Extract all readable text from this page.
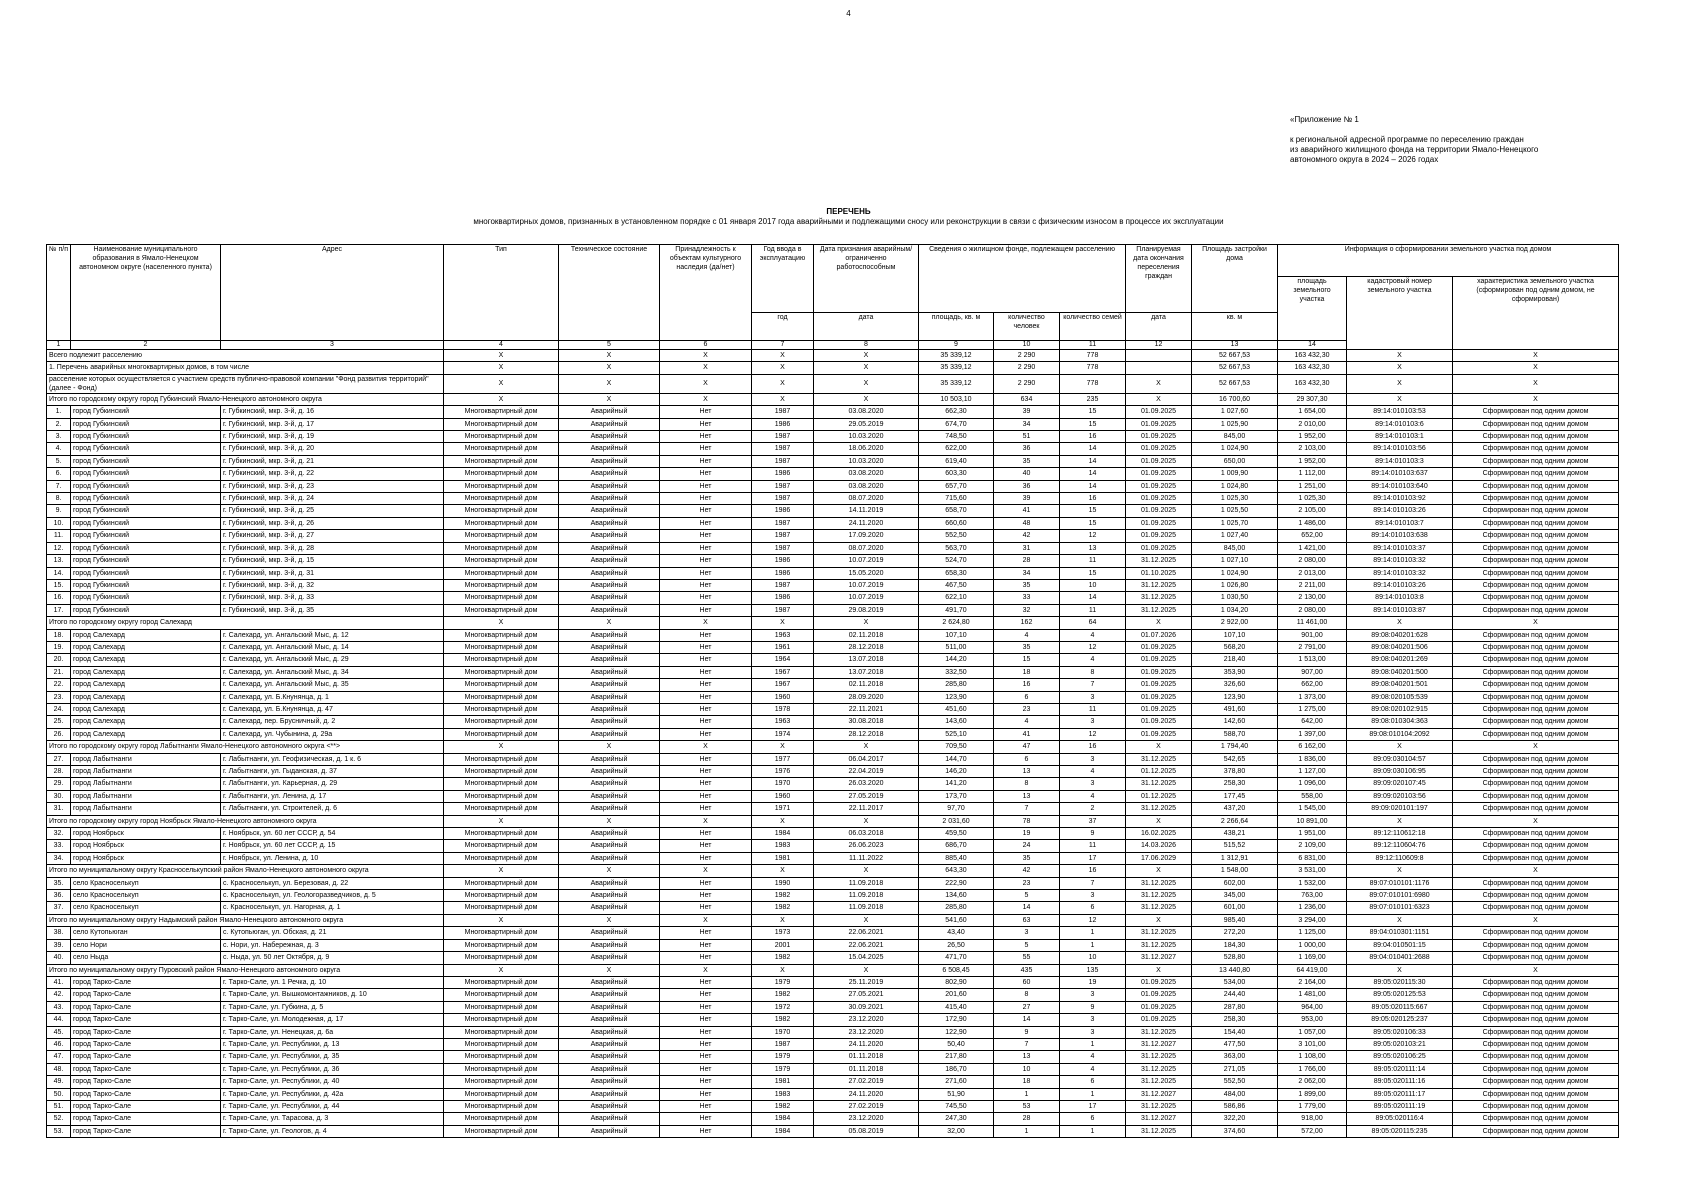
4
«Приложение № 1
к региональной адресной программе по переселению граждан
из аварийного жилищного фонда на территории Ямало-Ненецкого
автономного округа в 2024 – 2026 годах
ПЕРЕЧЕНЬ
многоквартирных домов, признанных в установленном порядке с 01 января 2017 года аварийными и подлежащими сносу или реконструкции в связи с физическим износом в процессе их эксплуатации
№ п/п	Наименование муниципального образования в Ямало-Ненецком автономном округе (населенного пункта)	Адрес	Тип	Техническое состояние	Принадлежность к объектам культурного наследия (да/нет)	Год ввода в эксплуатацию	Дата признания аварийным/ограниченно работоспособным	Сведения о жилищном фонде, подлежащем расселению			Планируемая дата окончания переселения граждан	Площадь застройки дома	Информация о сформировании земельного участка под домом			
													площадь земельного участка	кадастровый номер земельного участка	характеристика земельного участка (сформирован под одним домом, не сформирован)	
						год	дата	площадь, кв. м	количество человек	количество семей	дата	кв. м				
1	2	3	4	5	6	7	8	9	10	11	12	13	14		
Всего подлежит расселению			X	X	X	X	X	35 339,12	2 290	778		52 667,53	163 432,30	X	X	
1. Перечень аварийных многоквартирных домов, в том числе			X	X	X	X	X	35 339,12	2 290	778		52 667,53	163 432,30	X	X	
расселение которых осуществляется с участием средств публично-правовой компании "Фонд развития территорий" (далее - Фонд)			X	X	X	X	X	35 339,12	2 290	778	X	52 667,53	163 432,30	X	X	
Итого по городскому округу город Губкинский Ямало-Ненецкого автономного округа			X	X	X	X	X	10 503,10	634	235	X	16 700,60	29 307,30	X	X	
1.	город Губкинский	г. Губкинский, мкр. 3-й, д. 16	Многоквартирный дом	Аварийный	Нет	1987	03.08.2020	662,30	39	15	01.09.2025	1 027,60	1 654,00	89:14:010103:53	Сформирован под одним домом	
2.	город Губкинский	г. Губкинский, мкр. 3-й, д. 17	Многоквартирный дом	Аварийный	Нет	1986	29.05.2019	674,70	34	15	01.09.2025	1 025,90	2 010,00	89:14:010103:6	Сформирован под одним домом	
3.	город Губкинский	г. Губкинский, мкр. 3-й, д. 19	Многоквартирный дом	Аварийный	Нет	1987	10.03.2020	748,50	51	16	01.09.2025	845,00	1 952,00	89:14:010103:1	Сформирован под одним домом	
4.	город Губкинский	г. Губкинский, мкр. 3-й, д. 20	Многоквартирный дом	Аварийный	Нет	1987	18.06.2020	622,00	36	14	01.09.2025	1 024,90	2 103,00	89:14:010103:56	Сформирован под одним домом	
5.	город Губкинский	г. Губкинский, мкр. 3-й, д. 21	Многоквартирный дом	Аварийный	Нет	1987	10.03.2020	619,40	35	14	01.09.2025	650,00	1 952,00	89:14:010103:3	Сформирован под одним домом	
6.	город Губкинский	г. Губкинский, мкр. 3-й, д. 22	Многоквартирный дом	Аварийный	Нет	1986	03.08.2020	603,30	40	14	01.09.2025	1 009,90	1 112,00	89:14:010103:637	Сформирован под одним домом	
7.	город Губкинский	г. Губкинский, мкр. 3-й, д. 23	Многоквартирный дом	Аварийный	Нет	1987	03.08.2020	657,70	36	14	01.09.2025	1 024,80	1 251,00	89:14:010103:640	Сформирован под одним домом	
8.	город Губкинский	г. Губкинский, мкр. 3-й, д. 24	Многоквартирный дом	Аварийный	Нет	1987	08.07.2020	715,60	39	16	01.09.2025	1 025,30	1 025,30	89:14:010103:92	Сформирован под одним домом	
9.	город Губкинский	г. Губкинский, мкр. 3-й, д. 25	Многоквартирный дом	Аварийный	Нет	1986	14.11.2019	658,70	41	15	01.09.2025	1 025,50	2 105,00	89:14:010103:26	Сформирован под одним домом	
10.	город Губкинский	г. Губкинский, мкр. 3-й, д. 26	Многоквартирный дом	Аварийный	Нет	1987	24.11.2020	660,60	48	15	01.09.2025	1 025,70	1 486,00	89:14:010103:7	Сформирован под одним домом	
11.	город Губкинский	г. Губкинский, мкр. 3-й, д. 27	Многоквартирный дом	Аварийный	Нет	1987	17.09.2020	552,50	42	12	01.09.2025	1 027,40	652,00	89:14:010103:638	Сформирован под одним домом	
12.	город Губкинский	г. Губкинский, мкр. 3-й, д. 28	Многоквартирный дом	Аварийный	Нет	1987	08.07.2020	563,70	31	13	01.09.2025	845,00	1 421,00	89:14:010103:37	Сформирован под одним домом	
13.	город Губкинский	г. Губкинский, мкр. 3-й, д. 15	Многоквартирный дом	Аварийный	Нет	1986	10.07.2019	524,70	28	11	31.12.2025	1 027,10	2 080,00	89:14:010103:32	Сформирован под одним домом	
14.	город Губкинский	г. Губкинский, мкр. 3-й, д. 31	Многоквартирный дом	Аварийный	Нет	1986	15.05.2020	658,30	34	15	01.10.2025	1 024,90	2 013,00	89:14:010103:32	Сформирован под одним домом	
15.	город Губкинский	г. Губкинский, мкр. 3-й, д. 32	Многоквартирный дом	Аварийный	Нет	1987	10.07.2019	467,50	35	10	31.12.2025	1 026,80	2 211,00	89:14:010103:26	Сформирован под одним домом	
16.	город Губкинский	г. Губкинский, мкр. 3-й, д. 33	Многоквартирный дом	Аварийный	Нет	1986	10.07.2019	622,10	33	14	31.12.2025	1 030,50	2 130,00	89:14:010103:8	Сформирован под одним домом	
17.	город Губкинский	г. Губкинский, мкр. 3-й, д. 35	Многоквартирный дом	Аварийный	Нет	1987	29.08.2019	491,70	32	11	31.12.2025	1 034,20	2 080,00	89:14:010103:87	Сформирован под одним домом	
Итого по городскому округу город Салехард			X	X	X	X	X	2 624,80	162	64	X	2 922,00	11 461,00	X	X	
18.	город Салехард	г. Салехард, ул. Ангальский Мыс, д. 12	Многоквартирный дом	Аварийный	Нет	1963	02.11.2018	107,10	4	4	01.07.2026	107,10	901,00	89:08:040201:628	Сформирован под одним домом	
19.	город Салехард	г. Салехард, ул. Ангальский Мыс, д. 14	Многоквартирный дом	Аварийный	Нет	1961	28.12.2018	511,00	35	12	01.09.2025	568,20	2 791,00	89:08:040201:506	Сформирован под одним домом	
20.	город Салехард	г. Салехард, ул. Ангальский Мыс, д. 29	Многоквартирный дом	Аварийный	Нет	1964	13.07.2018	144,20	15	4	01.09.2025	218,40	1 513,00	89:08:040201:269	Сформирован под одним домом	
21.	город Салехард	г. Салехард, ул. Ангальский Мыс, д. 34	Многоквартирный дом	Аварийный	Нет	1967	13.07.2018	332,50	18	8	01.09.2025	353,90	907,00	89:08:040201:500	Сформирован под одним домом	
22.	город Салехард	г. Салехард, ул. Ангальский Мыс, д. 35	Многоквартирный дом	Аварийный	Нет	1967	02.11.2018	285,80	16	7	01.09.2025	326,60	662,00	89:08:040201:501	Сформирован под одним домом	
23.	город Салехард	г. Салехард, ул. Б.Кнунянца, д. 1	Многоквартирный дом	Аварийный	Нет	1960	28.09.2020	123,90	6	3	01.09.2025	123,90	1 373,00	89:08:020105:539	Сформирован под одним домом	
24.	город Салехард	г. Салехард, ул. Б.Кнунянца, д. 47	Многоквартирный дом	Аварийный	Нет	1978	22.11.2021	451,60	23	11	01.09.2025	491,60	1 275,00	89:08:020102:915	Сформирован под одним домом	
25.	город Салехард	г. Салехард, пер. Брусничный, д. 2	Многоквартирный дом	Аварийный	Нет	1963	30.08.2018	143,60	4	3	01.09.2025	142,60	642,00	89:08:010304:363	Сформирован под одним домом	
26.	город Салехард	г. Салехард, ул. Чубынина, д. 29а	Многоквартирный дом	Аварийный	Нет	1974	28.12.2018	525,10	41	12	01.09.2025	588,70	1 397,00	89:08:010104:2092	Сформирован под одним домом	
Итого по городскому округу город Лабытнанги Ямало-Ненецкого автономного округа <**>			X	X	X	X	X	709,50	47	16	X	1 794,40	6 162,00	X	X	
27.	город Лабытнанги	г. Лабытнанги, ул. Геофизическая, д. 1 к. 6	Многоквартирный дом	Аварийный	Нет	1977	06.04.2017	144,70	6	3	31.12.2025	542,65	1 836,00	89:09:030104:57	Сформирован под одним домом	
28.	город Лабытнанги	г. Лабытнанги, ул. Гыданская, д. 37	Многоквартирный дом	Аварийный	Нет	1976	22.04.2019	146,20	13	4	01.12.2025	378,80	1 127,00	89:09:030106:95	Сформирован под одним домом	
29.	город Лабытнанги	г. Лабытнанги, ул. Карьерная, д. 29	Многоквартирный дом	Аварийный	Нет	1970	26.03.2020	141,20	8	3	31.12.2025	258,30	1 096,00	89:09:020107:45	Сформирован под одним домом	
30.	город Лабытнанги	г. Лабытнанги, ул. Ленина, д. 17	Многоквартирный дом	Аварийный	Нет	1960	27.05.2019	173,70	13	4	01.12.2025	177,45	558,00	89:09:020103:56	Сформирован под одним домом	
31.	город Лабытнанги	г. Лабытнанги, ул. Строителей, д. 6	Многоквартирный дом	Аварийный	Нет	1971	22.11.2017	97,70	7	2	31.12.2025	437,20	1 545,00	89:09:020101:197	Сформирован под одним домом	
Итого по городскому округу город Ноябрьск Ямало-Ненецкого автономного округа			X	X	X	X	X	2 031,60	78	37	X	2 266,64	10 891,00	X	X	
32.	город Ноябрьск	г. Ноябрьск, ул. 60 лет СССР, д. 54	Многоквартирный дом	Аварийный	Нет	1984	06.03.2018	459,50	19	9	16.02.2025	438,21	1 951,00	89:12:110612:18	Сформирован под одним домом	
33.	город Ноябрьск	г. Ноябрьск, ул. 60 лет СССР, д. 15	Многоквартирный дом	Аварийный	Нет	1983	26.06.2023	686,70	24	11	14.03.2026	515,52	2 109,00	89:12:110604:76	Сформирован под одним домом	
34.	город Ноябрьск	г. Ноябрьск, ул. Ленина, д. 10	Многоквартирный дом	Аварийный	Нет	1981	11.11.2022	885,40	35	17	17.06.2029	1 312,91	6 831,00	89:12:110609:8	Сформирован под одним домом	
Итого по муниципальному округу Красноселькупский район Ямало-Ненецкого автономного округа			X	X	X	X	X	643,30	42	16	X	1 548,00	3 531,00	X	X	
35.	село Красноселькуп	с. Красноселькуп, ул. Березовая, д. 22	Многоквартирный дом	Аварийный	Нет	1990	11.09.2018	222,90	23	7	31.12.2025	602,00	1 532,00	89:07:010101:1176	Сформирован под одним домом	
36.	село Красноселькуп	с. Красноселькуп, ул. Геологоразведчиков, д. 5	Многоквартирный дом	Аварийный	Нет	1982	11.09.2018	134,60	5	3	31.12.2025	345,00	763,00	89:07:010101:6980	Сформирован под одним домом	
37.	село Красноселькуп	с. Красноселькуп, ул. Нагорная, д. 1	Многоквартирный дом	Аварийный	Нет	1982	11.09.2018	285,80	14	6	31.12.2025	601,00	1 236,00	89:07:010101:6323	Сформирован под одним домом	
Итого по муниципальному округу Надымский район Ямало-Ненецкого автономного округа			X	X	X	X	X	541,60	63	12	X	985,40	3 294,00	X	X	
38.	село Кутопьюган	с. Кутопьюган, ул. Обская, д. 21	Многоквартирный дом	Аварийный	Нет	1973	22.06.2021	43,40	3	1	31.12.2025	272,20	1 125,00	89:04:010301:1151	Сформирован под одним домом	
39.	село Нори	с. Нори, ул. Набережная, д. 3	Многоквартирный дом	Аварийный	Нет	2001	22.06.2021	26,50	5	1	31.12.2025	184,30	1 000,00	89:04:010501:15	Сформирован под одним домом	
40.	село Ныда	с. Ныда, ул. 50 лет Октября, д. 9	Многоквартирный дом	Аварийный	Нет	1982	15.04.2025	471,70	55	10	31.12.2027	528,80	1 169,00	89:04:010401:2688	Сформирован под одним домом	
Итого по муниципальному округу Пуровский район Ямало-Ненецкого автономного округа			X	X	X	X	X	6 508,45	435	135	X	13 440,80	64 419,00	X	X	
41.	город Тарко-Сале	г. Тарко-Сале, ул. 1 Речка, д. 10	Многоквартирный дом	Аварийный	Нет	1979	25.11.2019	802,90	60	19	01.09.2025	534,00	2 164,00	89:05:020115:30	Сформирован под одним домом	
42.	город Тарко-Сале	г. Тарко-Сале, ул. Вышкомонтажников, д. 10	Многоквартирный дом	Аварийный	Нет	1982	27.05.2021	201,60	8	3	01.09.2025	244,40	1 481,00	89:05:020125:53	Сформирован под одним домом	
43.	город Тарко-Сале	г. Тарко-Сале, ул. Губкина, д. 5	Многоквартирный дом	Аварийный	Нет	1972	30.09.2021	415,40	27	9	01.09.2025	287,80	964,00	89:05:020115:667	Сформирован под одним домом	
44.	город Тарко-Сале	г. Тарко-Сале, ул. Молодежная, д. 17	Многоквартирный дом	Аварийный	Нет	1982	23.12.2020	172,90	14	3	01.09.2025	258,30	953,00	89:05:020125:237	Сформирован под одним домом	
45.	город Тарко-Сале	г. Тарко-Сале, ул. Ненецкая, д. 6а	Многоквартирный дом	Аварийный	Нет	1970	23.12.2020	122,90	9	3	31.12.2025	154,40	1 057,00	89:05:020106:33	Сформирован под одним домом	
46.	город Тарко-Сале	г. Тарко-Сале, ул. Республики, д. 13	Многоквартирный дом	Аварийный	Нет	1987	24.11.2020	50,40	7	1	31.12.2027	477,50	3 101,00	89:05:020103:21	Сформирован под одним домом	
47.	город Тарко-Сале	г. Тарко-Сале, ул. Республики, д. 35	Многоквартирный дом	Аварийный	Нет	1979	01.11.2018	217,80	13	4	31.12.2025	363,00	1 108,00	89:05:020106:25	Сформирован под одним домом	
48.	город Тарко-Сале	г. Тарко-Сале, ул. Республики, д. 36	Многоквартирный дом	Аварийный	Нет	1979	01.11.2018	186,70	10	4	31.12.2025	271,05	1 766,00	89:05:020111:14	Сформирован под одним домом	
49.	город Тарко-Сале	г. Тарко-Сале, ул. Республики, д. 40	Многоквартирный дом	Аварийный	Нет	1981	27.02.2019	271,60	18	6	31.12.2025	552,50	2 062,00	89:05:020111:16	Сформирован под одним домом	
50.	город Тарко-Сале	г. Тарко-Сале, ул. Республики, д. 42а	Многоквартирный дом	Аварийный	Нет	1983	24.11.2020	51,90	1	1	31.12.2027	484,00	1 899,00	89:05:020111:17	Сформирован под одним домом	
51.	город Тарко-Сале	г. Тарко-Сале, ул. Республики, д. 44	Многоквартирный дом	Аварийный	Нет	1982	27.02.2019	745,50	53	17	31.12.2025	586,86	1 779,00	89:05:020111:19	Сформирован под одним домом	
52.	город Тарко-Сале	г. Тарко-Сале, ул. Тарасова, д. 3	Многоквартирный дом	Аварийный	Нет	1984	23.12.2020	247,30	28	6	31.12.2027	322,20	918,00	89:05:020116:4	Сформирован под одним домом	
53.	город Тарко-Сале	г. Тарко-Сале, ул. Геологов, д. 4	Многоквартирный дом	Аварийный	Нет	1984	05.08.2019	32,00	1	1	31.12.2025	374,60	572,00	89:05:020115:235	Сформирован под одним домом	
